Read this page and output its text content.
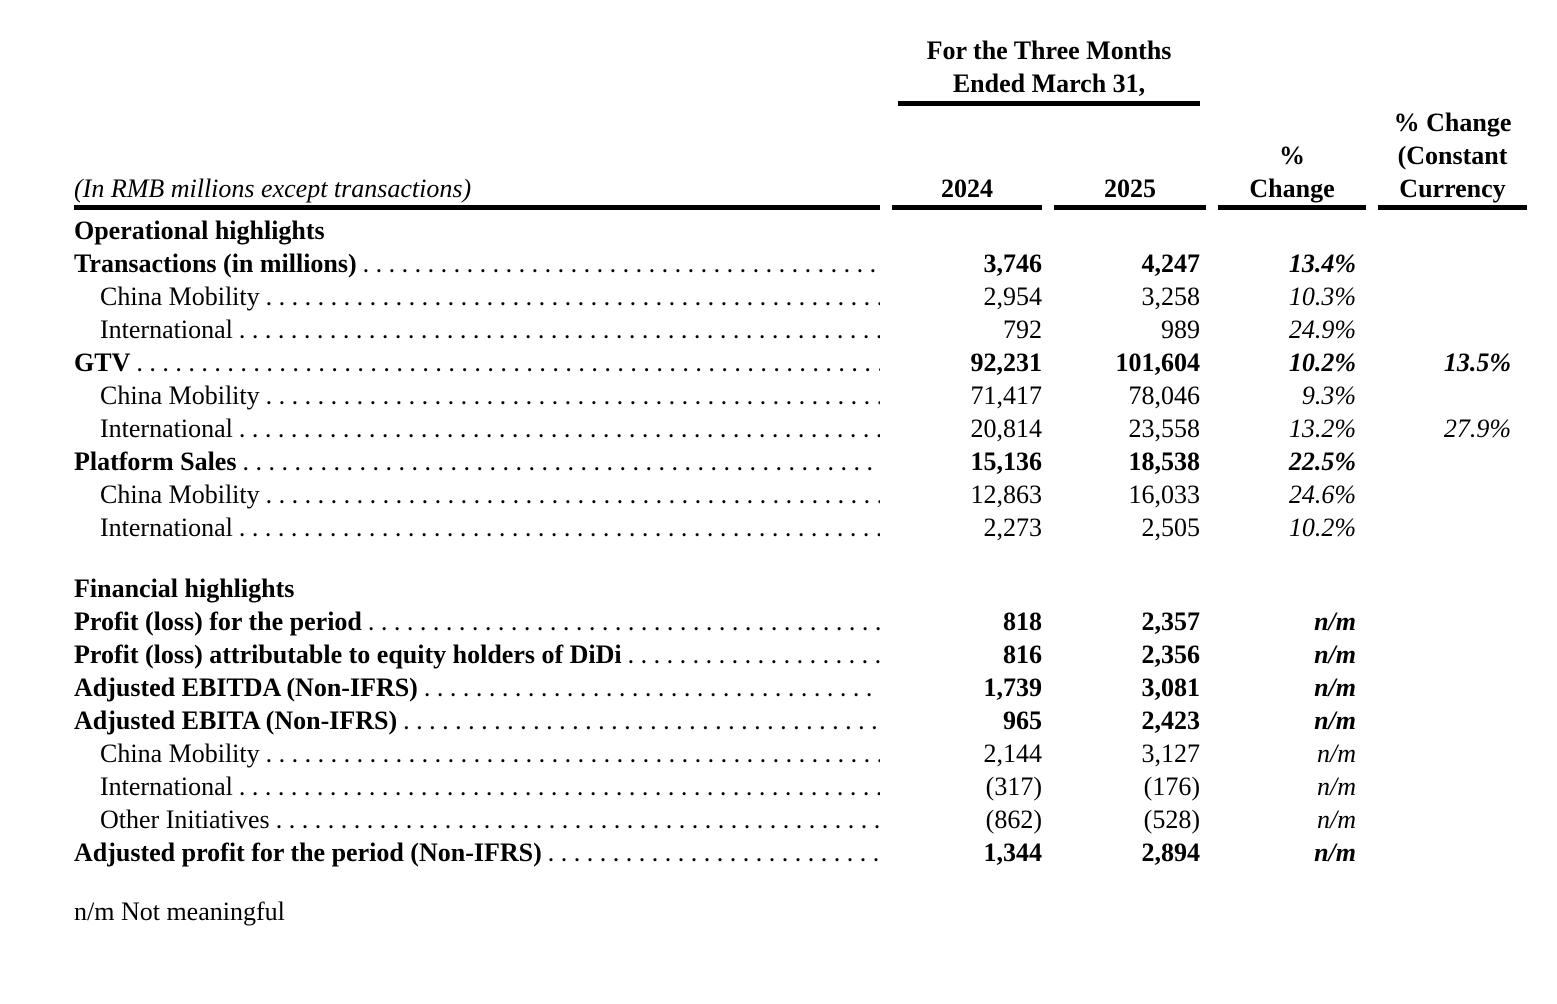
(In RMB millions except transactions)
For the Three Months
Ended March 31,
2024	2025
%
Change
% Change
(Constant
Currency
Operational highlights
Transactions (in millions) . . .	3,746	4,247	13.4%
China Mobility . . .	2,954	3,258	10.3%
International . . .	792	989	24.9%
GTV . . .	92,231	101,604	10.2%	13.5%
China Mobility . . .	71,417	78,046	9.3%
International . . .	20,814	23,558	13.2%	27.9%
Platform Sales . . .	15,136	18,538	22.5%
China Mobility . . .	12,863	16,033	24.6%
International . . .	2,273	2,505	10.2%
Financial highlights
Profit (loss) for the period . . .	818	2,357	n/m
Profit (loss) attributable to equity holders of DiDi . . .	816	2,356	n/m
Adjusted EBITDA (Non-IFRS) . . .	1,739	3,081	n/m
Adjusted EBITA (Non-IFRS) . . .	965	2,423	n/m
China Mobility . . .	2,144	3,127	n/m
International . . .	(317)	(176)	n/m
Other Initiatives . . .	(862)	(528)	n/m
Adjusted profit for the period (Non-IFRS) . . .	1,344	2,894	n/m
n/m Not meaningful
